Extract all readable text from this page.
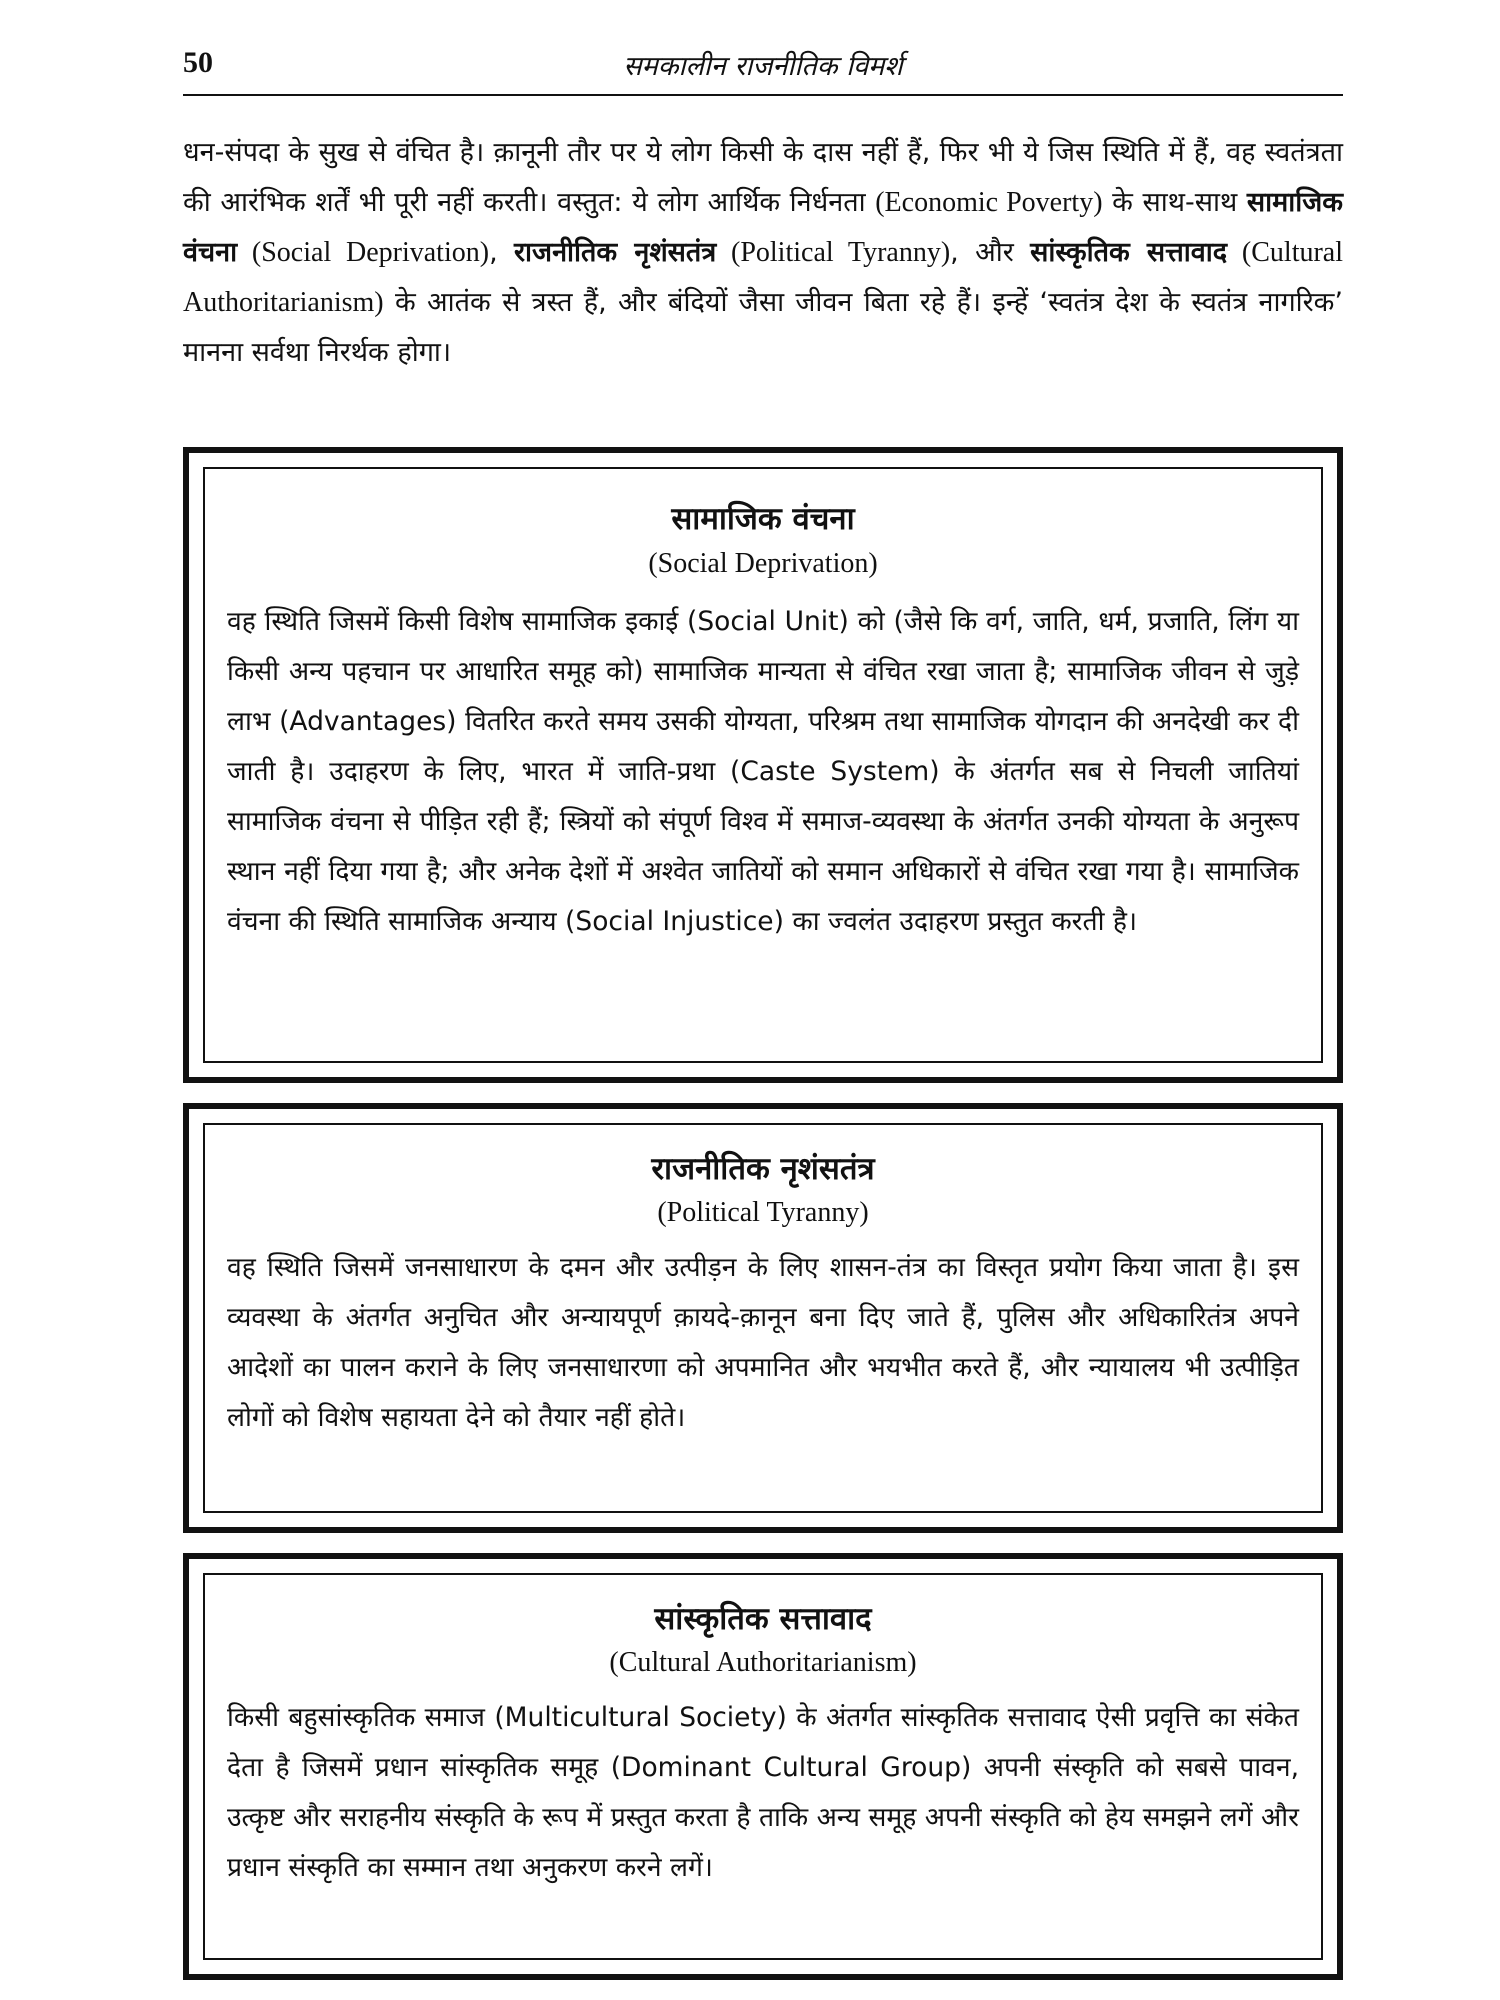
50	समकालीन राजनीतिक विमर्श

धन-संपदा के सुख से वंचित है। क़ानूनी तौर पर ये लोग किसी के दास नहीं हैं, फिर भी ये जिस स्थिति में हैं, वह स्वतंत्रता की आरंभिक शर्तें भी पूरी नहीं करती। वस्तुत: ये लोग आर्थिक निर्धनता (Economic Poverty) के साथ-साथ सामाजिक वंचना (Social Deprivation), राजनीतिक नृशंसतंत्र (Political Tyranny), और सांस्कृतिक सत्तावाद (Cultural Authoritarianism) के आतंक से त्रस्त हैं, और बंदियों जैसा जीवन बिता रहे हैं। इन्हें ‘स्वतंत्र देश के स्वतंत्र नागरिक’ मानना सर्वथा निरर्थक होगा।

सामाजिक वंचना

(Social Deprivation)

वह स्थिति जिसमें किसी विशेष सामाजिक इकाई (Social Unit) को (जैसे कि वर्ग, जाति, धर्म, प्रजाति, लिंग या किसी अन्य पहचान पर आधारित समूह को) सामाजिक मान्यता से वंचित रखा जाता है; सामाजिक जीवन से जुड़े लाभ (Advantages) वितरित करते समय उसकी योग्यता, परिश्रम तथा सामाजिक योगदान की अनदेखी कर दी जाती है। उदाहरण के लिए, भारत में जाति-प्रथा (Caste System) के अंतर्गत सब से निचली जातियां सामाजिक वंचना से पीड़ित रही हैं; स्त्रियों को संपूर्ण विश्व में समाज-व्यवस्था के अंतर्गत उनकी योग्यता के अनुरूप स्थान नहीं दिया गया है; और अनेक देशों में अश्वेत जातियों को समान अधिकारों से वंचित रखा गया है। सामाजिक वंचना की स्थिति सामाजिक अन्याय (Social Injustice) का ज्वलंत उदाहरण प्रस्तुत करती है।

राजनीतिक नृशंसतंत्र

(Political Tyranny)

वह स्थिति जिसमें जनसाधारण के दमन और उत्पीड़न के लिए शासन-तंत्र का विस्तृत प्रयोग किया जाता है। इस व्यवस्था के अंतर्गत अनुचित और अन्यायपूर्ण क़ायदे-क़ानून बना दिए जाते हैं, पुलिस और अधिकारितंत्र अपने आदेशों का पालन कराने के लिए जनसाधारणा को अपमानित और भयभीत करते हैं, और न्यायालय भी उत्पीड़ित लोगों को विशेष सहायता देने को तैयार नहीं होते।

सांस्कृतिक सत्तावाद

(Cultural Authoritarianism)

किसी बहुसांस्कृतिक समाज (Multicultural Society) के अंतर्गत सांस्कृतिक सत्तावाद ऐसी प्रवृत्ति का संकेत देता है जिसमें प्रधान सांस्कृतिक समूह (Dominant Cultural Group) अपनी संस्कृति को सबसे पावन, उत्कृष्ट और सराहनीय संस्कृति के रूप में प्रस्तुत करता है ताकि अन्य समूह अपनी संस्कृति को हेय समझने लगें और प्रधान संस्कृति का सम्मान तथा अनुकरण करने लगें।
